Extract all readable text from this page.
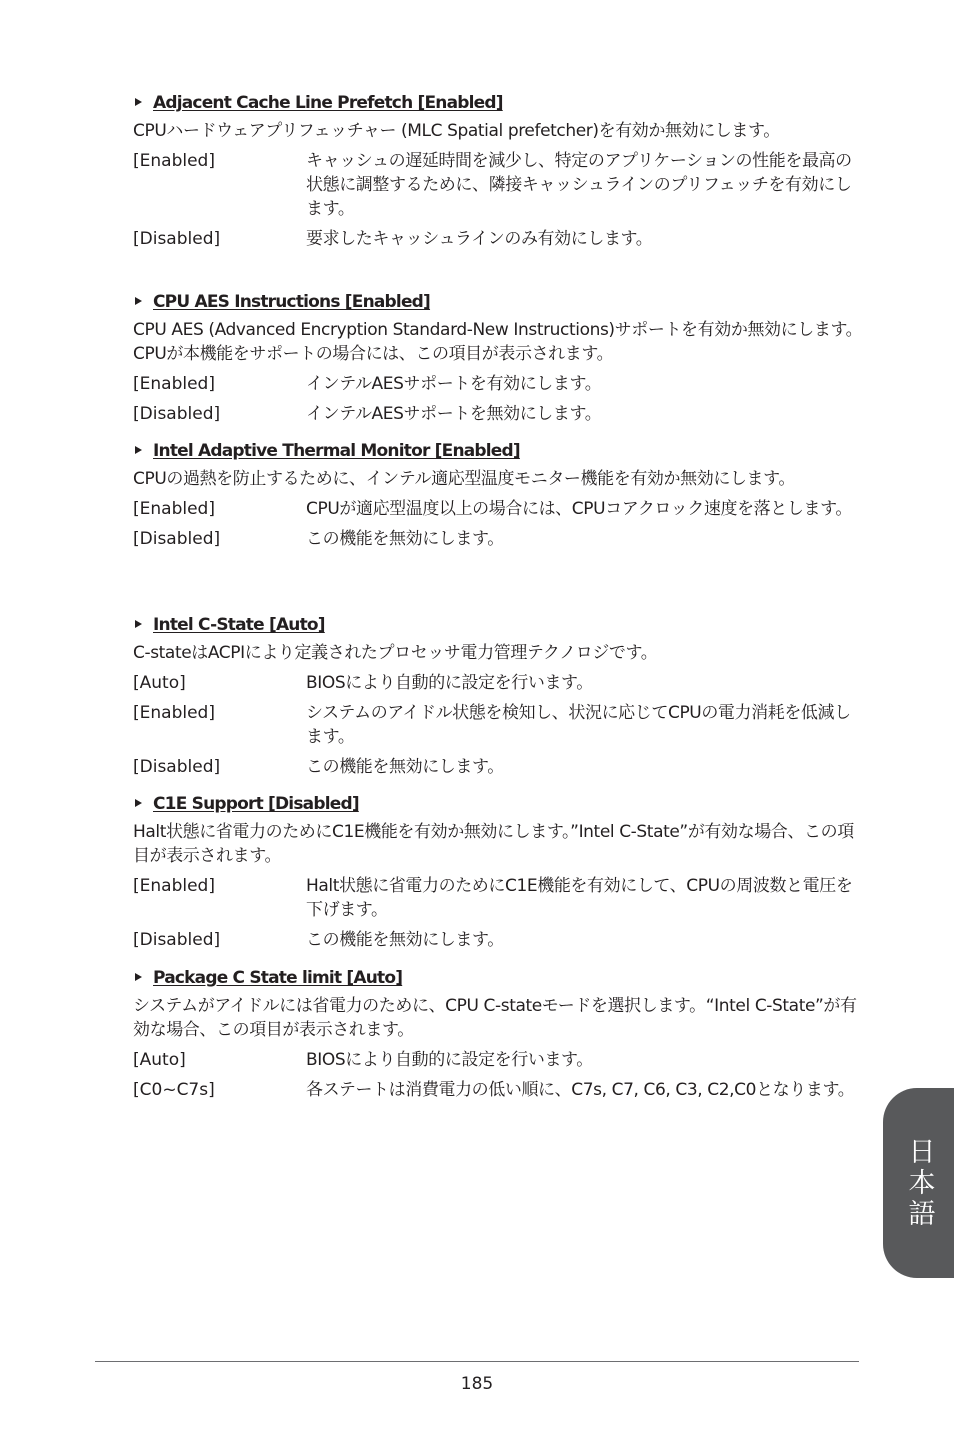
Adjacent Cache Line Prefetch [Enabled]
CPUハードウェアプリフェッチャー (MLC Spatial prefetcher)を有効か無効にします。
[Enabled]	キャッシュの遅延時間を減少し、特定のアプリケーションの性能を最高の状態に調整するために、隣接キャッシュラインのプリフェッチを有効にします。
[Disabled]	要求したキャッシュラインのみ有効にします。
CPU AES Instructions [Enabled]
CPU AES (Advanced Encryption Standard-New Instructions)サポートを有効か無効にします。CPUが本機能をサポートの場合には、この項目が表示されます。
[Enabled]	インテルAESサポートを有効にします。
[Disabled]	インテルAESサポートを無効にします。
Intel Adaptive Thermal Monitor [Enabled]
CPUの過熱を防止するために、インテル適応型温度モニター機能を有効か無効にします。
[Enabled]	CPUが適応型温度以上の場合には、CPUコアクロック速度を落とします。
[Disabled]	この機能を無効にします。
Intel C-State [Auto]
C-stateはACPIにより定義されたプロセッサ電力管理テクノロジです。
[Auto]	BIOSにより自動的に設定を行います。
[Enabled]	システムのアイドル状態を検知し、状況に応じてCPUの電力消耗を低減します。
[Disabled]	この機能を無効にします。
C1E Support [Disabled]
Halt状態に省電力のためにC1E機能を有効か無効にします。”Intel C-State”が有効な場合、この項目が表示されます。
[Enabled]	Halt状態に省電力のためにC1E機能を有効にして、CPUの周波数と電圧を下げます。
[Disabled]	この機能を無効にします。
Package C State limit [Auto]
システムがアイドルには省電力のために、CPU C-stateモードを選択します。“Intel C-State”が有効な場合、この項目が表示されます。
[Auto]	BIOSにより自動的に設定を行います。
[C0~C7s]	各ステートは消費電力の低い順に、C7s, C7, C6, C3, C2,C0となります。
日本語
185
